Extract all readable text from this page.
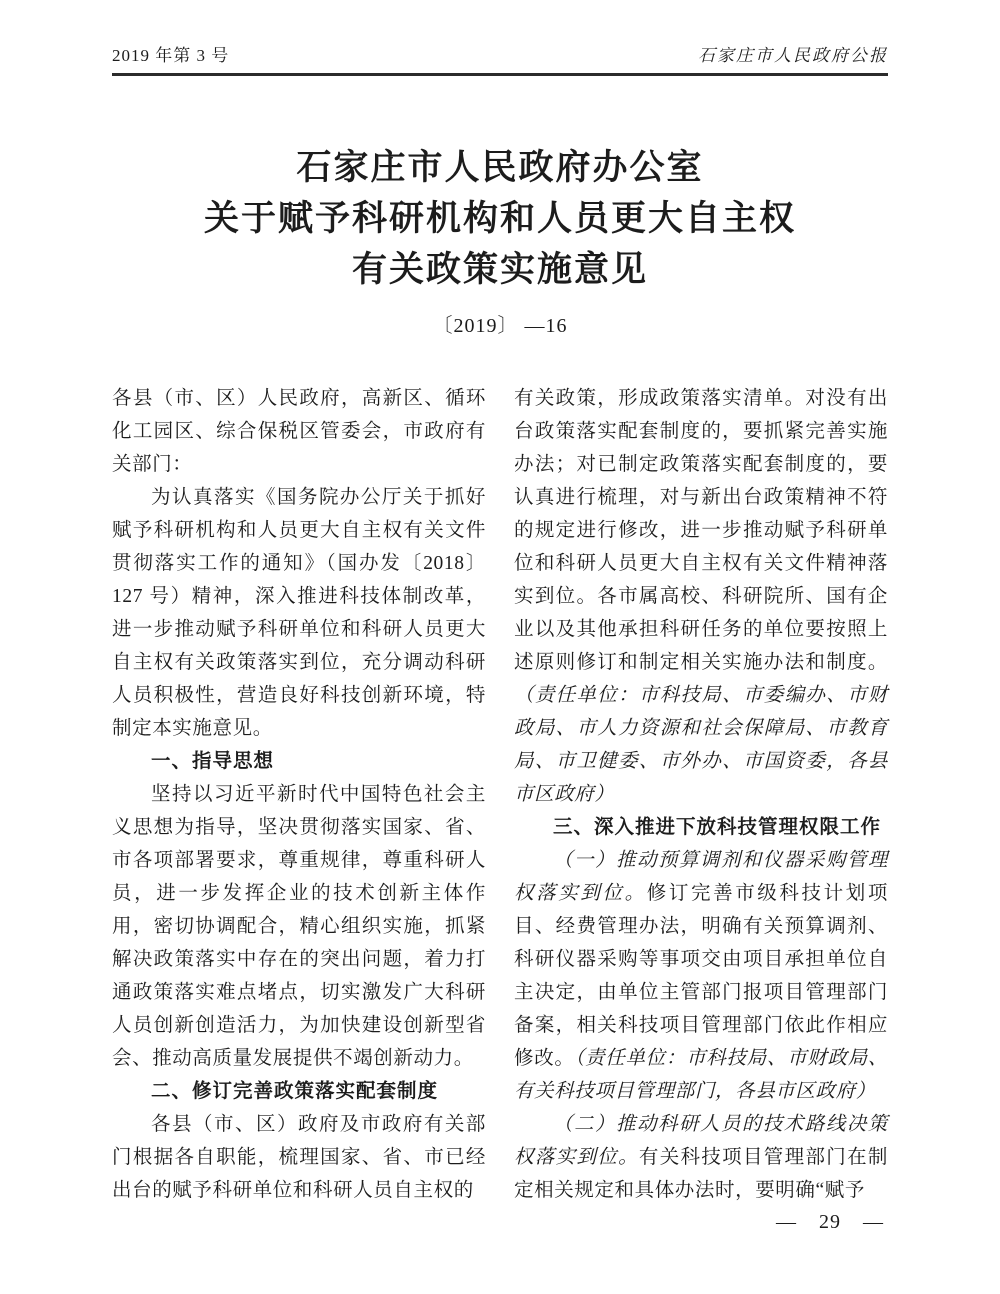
2019 年第 3 号	石家庄市人民政府公报
石家庄市人民政府办公室
关于赋予科研机构和人员更大自主权
有关政策实施意见
〔2019〕 —16

各县（市、区）人民政府，高新区、循环化工园区、综合保税区管委会，市政府有关部门：

为认真落实《国务院办公厅关于抓好赋予科研机构和人员更大自主权有关文件贯彻落实工作的通知》（国办发〔2018〕127 号）精神，深入推进科技体制改革，进一步推动赋予科研单位和科研人员更大自主权有关政策落实到位，充分调动科研人员积极性，营造良好科技创新环境，特制定本实施意见。

一、指导思想

坚持以习近平新时代中国特色社会主义思想为指导，坚决贯彻落实国家、省、市各项部署要求，尊重规律，尊重科研人员，进一步发挥企业的技术创新主体作用，密切协调配合，精心组织实施，抓紧解决政策落实中存在的突出问题，着力打通政策落实难点堵点，切实激发广大科研人员创新创造活力，为加快建设创新型省会、推动高质量发展提供不竭创新动力。

二、修订完善政策落实配套制度

各县（市、区）政府及市政府有关部门根据各自职能，梳理国家、省、市已经出台的赋予科研单位和科研人员自主权的

有关政策，形成政策落实清单。对没有出台政策落实配套制度的，要抓紧完善实施办法；对已制定政策落实配套制度的，要认真进行梳理，对与新出台政策精神不符的规定进行修改，进一步推动赋予科研单位和科研人员更大自主权有关文件精神落实到位。各市属高校、科研院所、国有企业以及其他承担科研任务的单位要按照上述原则修订和制定相关实施办法和制度。（责任单位：市科技局、市委编办、市财政局、市人力资源和社会保障局、市教育局、市卫健委、市外办、市国资委，各县市区政府）

三、深入推进下放科技管理权限工作

（一）推动预算调剂和仪器采购管理权落实到位。修订完善市级科技计划项目、经费管理办法，明确有关预算调剂、科研仪器采购等事项交由项目承担单位自主决定，由单位主管部门报项目管理部门备案，相关科技项目管理部门依此作相应修改。（责任单位：市科技局、市财政局、有关科技项目管理部门，各县市区政府）

（二）推动科研人员的技术路线决策权落实到位。有关科技项目管理部门在制定相关规定和具体办法时，要明确“赋予

— 29 —
